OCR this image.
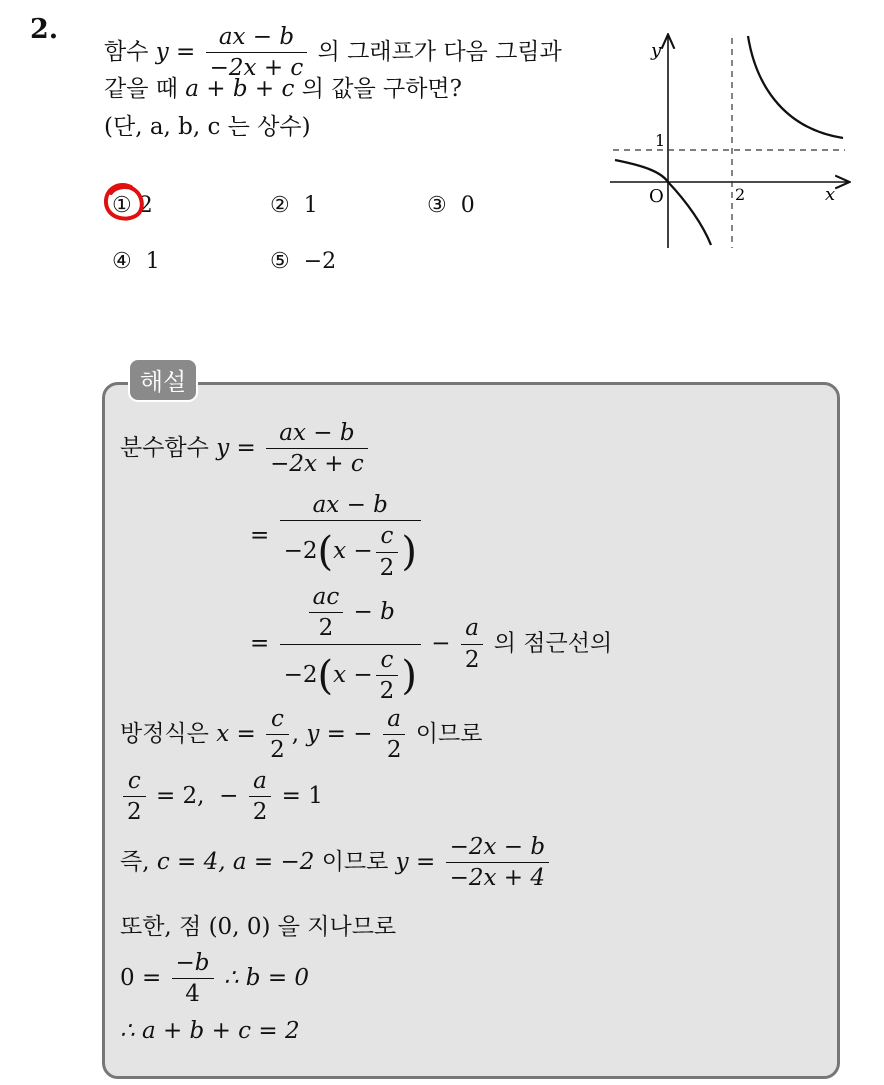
2.
함수 $y = \frac{ax - b}{-2x + c}$ 의 그래프가 다음 그림과
같을 때 a + b + c 의 값을 구하면?
(단, a, b, c 는 상수)
① 2	② 1	③ 0
④ 1	⑤ −2
y
x
O
1
2
해설
분수함수 $y = \frac{ax - b}{-2x + c}$
= $\frac{ax - b}{-2(x - \frac{c}{2} )}$
= $\frac{\frac{ac}{2} - b}{-2(x - \frac{c}{2} )} - \frac{a}{2}$ 의 점근선의
방정식은 $x = \frac{c}{2}$ , y = − $\frac{a}{2}$ 이므로
$\frac{c}{2} = 2$, − $\frac{a}{2} = 1$
즉, c = 4, a = −2 이므로 $y = \frac{-2x - b}{-2x + 4}$
또한, 점 (0, 0) 을 지나므로
$0 = \frac{-b}{4}$ ∴ b = 0
∴ a + b + c = 2
